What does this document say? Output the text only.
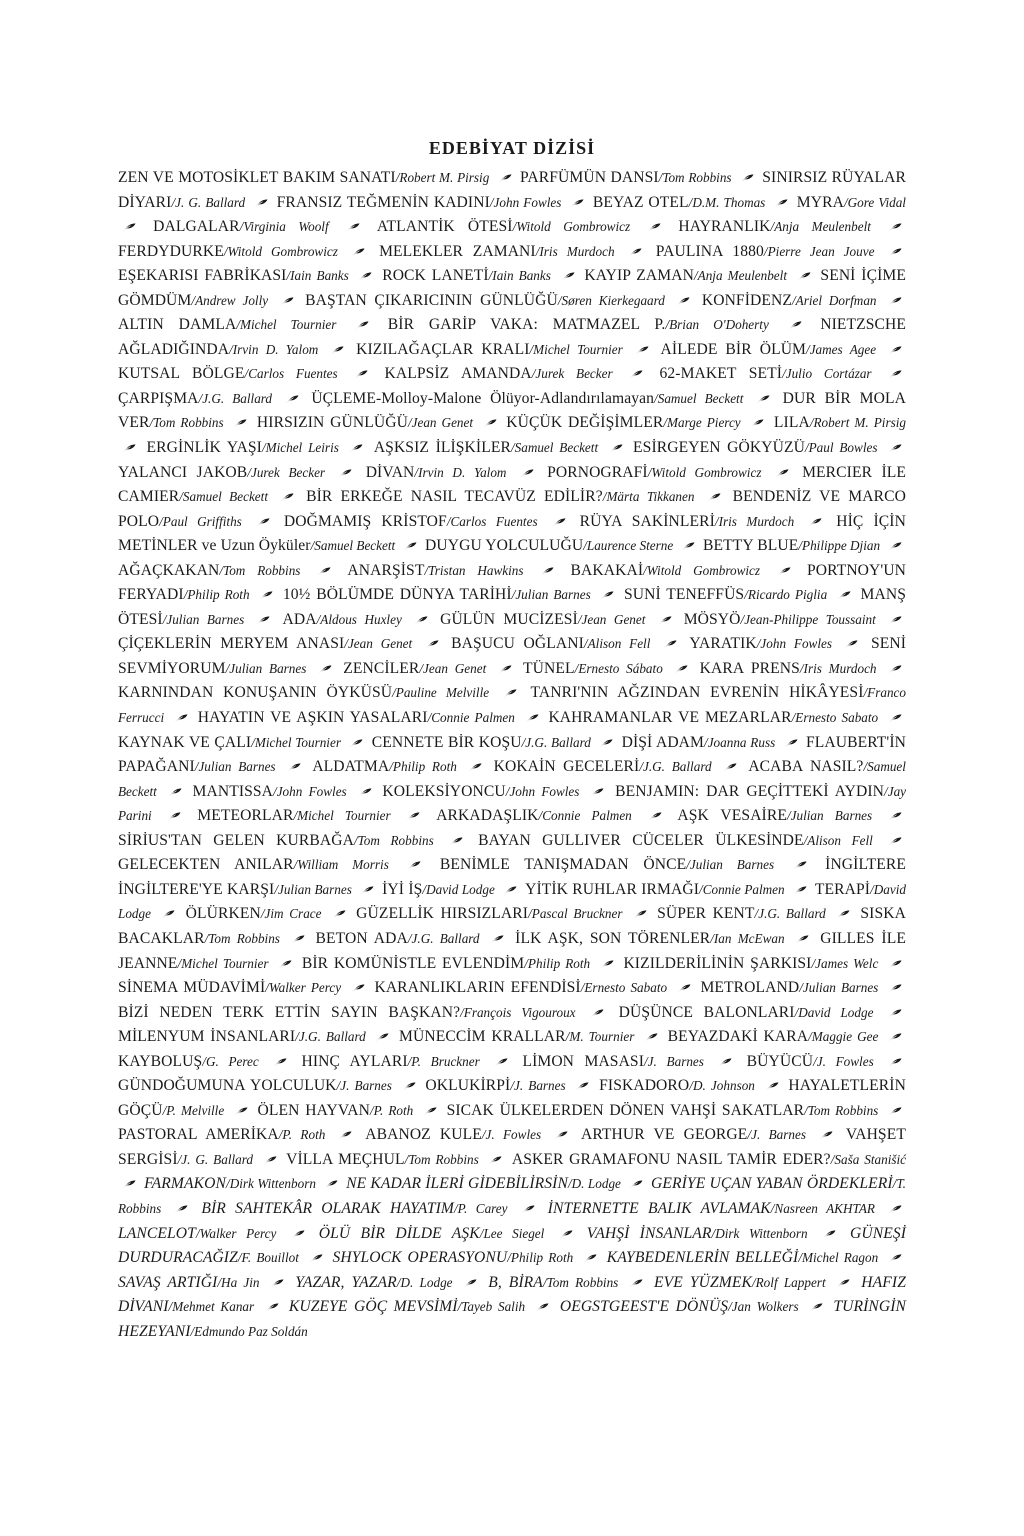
EDEBİYAT DİZİSİ

ZEN VE MOTOSİKLET BAKIM SANATI/Robert M. Pirsig PARFÜMÜN DANSI/Tom Robbins SINIRSIZ RÜYALAR DİYARI/J. G. Ballard FRANSIZ TEĞMENİN KADINI/John Fowles BEYAZ OTEL/D.M. Thomas MYRA/Gore Vidal  DALGALAR/Virginia Woolf	ATLANTİK ÖTESİ/Witold Gombrowicz	HAYRANLIK/Anja Meulenbelt  FERDYDURKE/Witold Gombrowicz	MELEKLER ZAMANI/Iris Murdoch	PAULINA 1880/Pierre Jean Jouve  EŞEKARISI FABRİKASI/Iain Banks ROCK LANETİ/Iain Banks KAYIP ZAMAN/Anja Meulenbelt SENİ İÇİME GÖMDÜM/Andrew Jolly BAŞTAN ÇIKARICININ GÜNLÜĞÜ/Søren Kierkegaard KONFİDENZ/Ariel Dorfman  ALTIN DAMLA/Michel Tournier	BİR GARİP VAKA: MATMAZEL P./Brian O'Doherty	NIETZSCHE AĞLADIĞINDA/Irvin D. Yalom KIZILAĞAÇLAR KRALI/Michel Tournier AİLEDE BİR ÖLÜM/James Agee  KUTSAL BÖLGE/Carlos Fuentes	KALPSİZ AMANDA/Jurek Becker	62-MAKET SETİ/Julio Cortázar  ÇARPIŞMA/J.G. Ballard	ÜÇLEME-Molloy-Malone Ölüyor-Adlandırılamayan/Samuel Beckett	DUR BİR MOLA VER/Tom Robbins HIRSIZIN GÜNLÜĞÜ/Jean Genet KÜÇÜK DEĞİŞİMLER/Marge Piercy LILA/Robert M. Pirsig  ERGİNLİK YAŞI/Michel Leiris AŞKSIZ İLİŞKİLER/Samuel Beckett ESİRGEYEN GÖKYÜZÜ/Paul Bowles  YALANCI JAKOB/Jurek Becker	DİVAN/Irvin D. Yalom	PORNOGRAFİ/Witold Gombrowicz	MERCIER İLE CAMIER/Samuel Beckett BİR ERKEĞE NASIL TECAVÜZ EDİLİR?/Märta Tikkanen BENDENİZ VE MARCO POLO/Paul Griffiths	DOĞMAMIŞ KRİSTOF/Carlos Fuentes	RÜYA SAKİNLERİ/Iris Murdoch	HİÇ İÇİN METİNLER ve Uzun Öyküler/Samuel Beckett DUYGU YOLCULUĞU/Laurence Sterne BETTY BLUE/Philippe Djian  AĞAÇKAKAN/Tom Robbins	ANARŞİST/Tristan Hawkins	BAKAKAİ/Witold Gombrowicz	PORTNOY'UN FERYADI/Philip Roth 10½ BÖLÜMDE DÜNYA TARİHİ/Julian Barnes SUNİ TENEFFÜS/Ricardo Piglia MANŞ ÖTESİ/Julian Barnes ADA/Aldous Huxley GÜLÜN MUCİZESİ/Jean Genet MÖSYÖ/Jean-Philippe Toussaint  ÇİÇEKLERİN MERYEM ANASI/Jean Genet BAŞUCU OĞLANI/Alison Fell YARATIK/John Fowles SENİ SEVMİYORUM/Julian Barnes ZENCİLER/Jean Genet TÜNEL/Ernesto Sábato KARA PRENS/Iris Murdoch  KARNINDAN KONUŞANIN ÖYKÜSÜ/Pauline Melville	TANRI'NIN AĞZINDAN EVRENİN HİKÂYESİ/Franco Ferrucci HAYATIN VE AŞKIN YASALARI/Connie Palmen KAHRAMANLAR VE MEZARLAR/Ernesto Sabato  KAYNAK VE ÇALI/Michel Tournier CENNETE BİR KOŞU/J.G. Ballard DİŞİ ADAM/Joanna Russ FLAUBERT'İN PAPAĞANI/Julian Barnes ALDATMA/Philip Roth KOKAİN GECELERİ/J.G. Ballard ACABA NASIL?/Samuel Beckett MANTISSA/John Fowles KOLEKSİYONCU/John Fowles BENJAMIN: DAR GEÇİTTEKİ AYDIN/Jay Parini	METEORLAR/Michel Tournier	ARKADAŞLIK/Connie Palmen	AŞK VESAİRE/Julian Barnes  SİRİUS'TAN GELEN KURBAĞA/Tom Robbins	BAYAN GULLIVER CÜCELER ÜLKESİNDE/Alison Fell  GELECEKTEN ANILAR/William Morris	BENİMLE TANIŞMADAN ÖNCE/Julian Barnes	İNGİLTERE İNGİLTERE'YE KARŞI/Julian Barnes İYİ İŞ/David Lodge YİTİK RUHLAR IRMAĞI/Connie Palmen TERAPİ/David Lodge ÖLÜRKEN/Jim Crace GÜZELLİK HIRSIZLARI/Pascal Bruckner SÜPER KENT/J.G. Ballard SISKA BACAKLAR/Tom Robbins BETON ADA/J.G. Ballard İLK AŞK, SON TÖRENLER/Ian McEwan GILLES İLE JEANNE/Michel Tournier BİR KOMÜNİSTLE EVLENDİM/Philip Roth KIZILDERİLİNİN ŞARKISI/James Welc  SİNEMA MÜDAVİMİ/Walker Percy KARANLIKLARIN EFENDİSİ/Ernesto Sabato METROLAND/Julian Barnes  BİZİ NEDEN TERK ETTİN SAYIN BAŞKAN?/François Vigouroux	DÜŞÜNCE BALONLARI/David Lodge  MİLENYUM İNSANLARI/J.G. Ballard MÜNECCİM KRALLAR/M. Tournier BEYAZDAKİ KARA/Maggie Gee  KAYBOLUŞ/G. Perec	HINÇ AYLARI/P. Bruckner	LİMON MASASI/J. Barnes	BÜYÜCÜ/J. Fowles  GÜNDOĞUMUNA YOLCULUK/J. Barnes OKLUKİRPİ/J. Barnes FISKADORO/D. Johnson HAYALETLERİN GÖÇÜ/P. Melville ÖLEN HAYVAN/P. Roth SICAK ÜLKELERDEN DÖNEN VAHŞİ SAKATLAR/Tom Robbins  PASTORAL AMERİKA/P. Roth	ABANOZ KULE/J. Fowles	ARTHUR VE GEORGE/J. Barnes	VAHŞET SERGİSİ/J. G. Ballard VİLLA MEÇHUL/Tom Robbins ASKER GRAMAFONU NASIL TAMİR EDER?/Saša Stanišić  FARMAKON/Dirk Wittenborn NE KADAR İLERİ GİDEBİLİRSİN/D. Lodge GERİYE UÇAN YABAN ÖRDEKLERİ/T. Robbins	BİR SAHTEKÂR OLARAK HAYATIM/P. Carey	İNTERNETTE BALIK AVLAMAK/Nasreen AKHTAR  LANCELOT/Walker Percy	ÖLÜ BİR DİLDE AŞK/Lee Siegel	VAHŞİ İNSANLAR/Dirk Wittenborn	GÜNEŞİ DURDURACAĞIZ/F. Bouillot SHYLOCK OPERASYONU/Philip Roth KAYBEDENLERİN BELLEĞİ/Michel Ragon  SAVAŞ ARTIĞI/Ha Jin YAZAR, YAZAR/D. Lodge B, BİRA/Tom Robbins EVE YÜZMEK/Rolf Lappert HAFIZ DİVANI/Mehmet Kanar KUZEYE GÖÇ MEVSİMİ/Tayeb Salih OEGSTGEEST'E DÖNÜŞ/Jan Wolkers TURİNGİN HEZEYANI/Edmundo Paz Soldán
